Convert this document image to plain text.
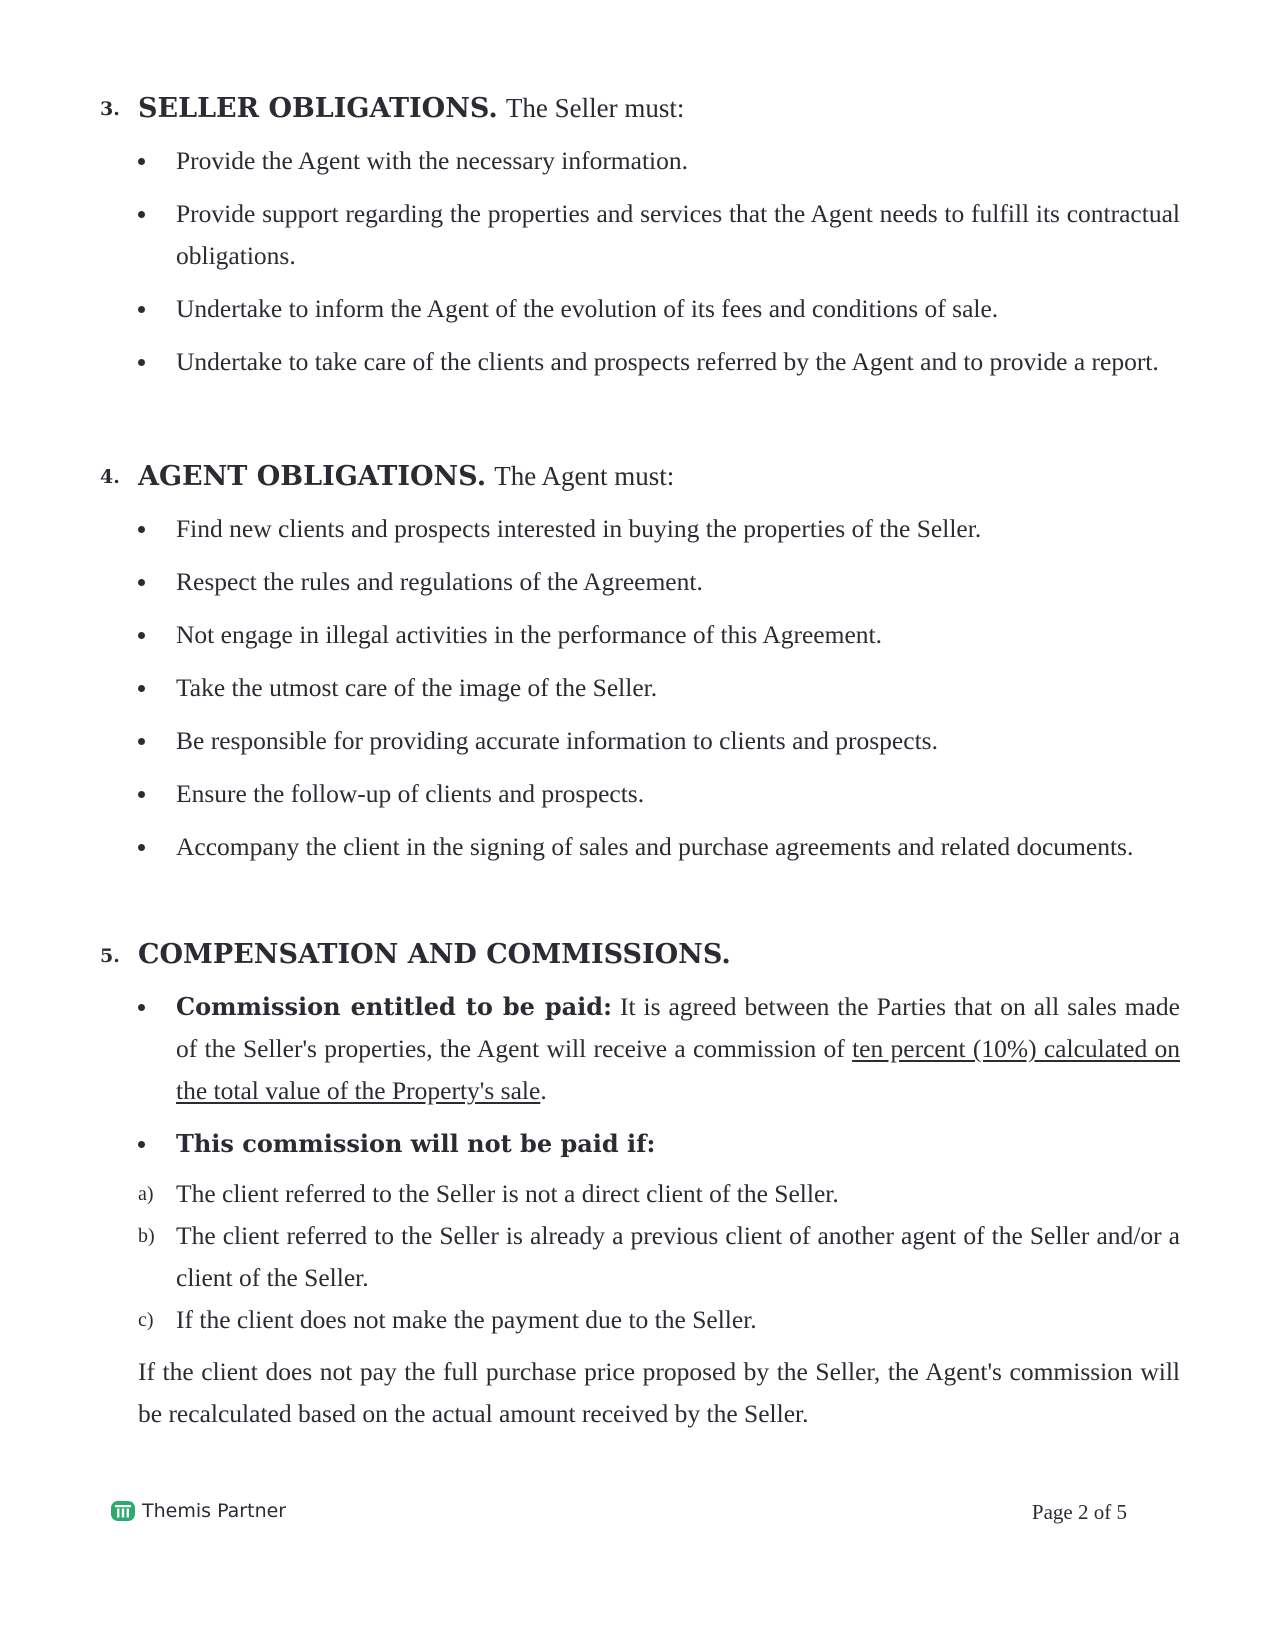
3. SELLER OBLIGATIONS. The Seller must:
Provide the Agent with the necessary information.
Provide support regarding the properties and services that the Agent needs to fulfill its contractual obligations.
Undertake to inform the Agent of the evolution of its fees and conditions of sale.
Undertake to take care of the clients and prospects referred by the Agent and to provide a report.
4. AGENT OBLIGATIONS. The Agent must:
Find new clients and prospects interested in buying the properties of the Seller.
Respect the rules and regulations of the Agreement.
Not engage in illegal activities in the performance of this Agreement.
Take the utmost care of the image of the Seller.
Be responsible for providing accurate information to clients and prospects.
Ensure the follow-up of clients and prospects.
Accompany the client in the signing of sales and purchase agreements and related documents.
5. COMPENSATION AND COMMISSIONS.
Commission entitled to be paid: It is agreed between the Parties that on all sales made of the Seller's properties, the Agent will receive a commission of ten percent (10%) calculated on the total value of the Property's sale.
This commission will not be paid if:
a) The client referred to the Seller is not a direct client of the Seller.
b) The client referred to the Seller is already a previous client of another agent of the Seller and/or a client of the Seller.
c) If the client does not make the payment due to the Seller.
If the client does not pay the full purchase price proposed by the Seller, the Agent's commission will be recalculated based on the actual amount received by the Seller.
Themis Partner	Page 2 of 5
